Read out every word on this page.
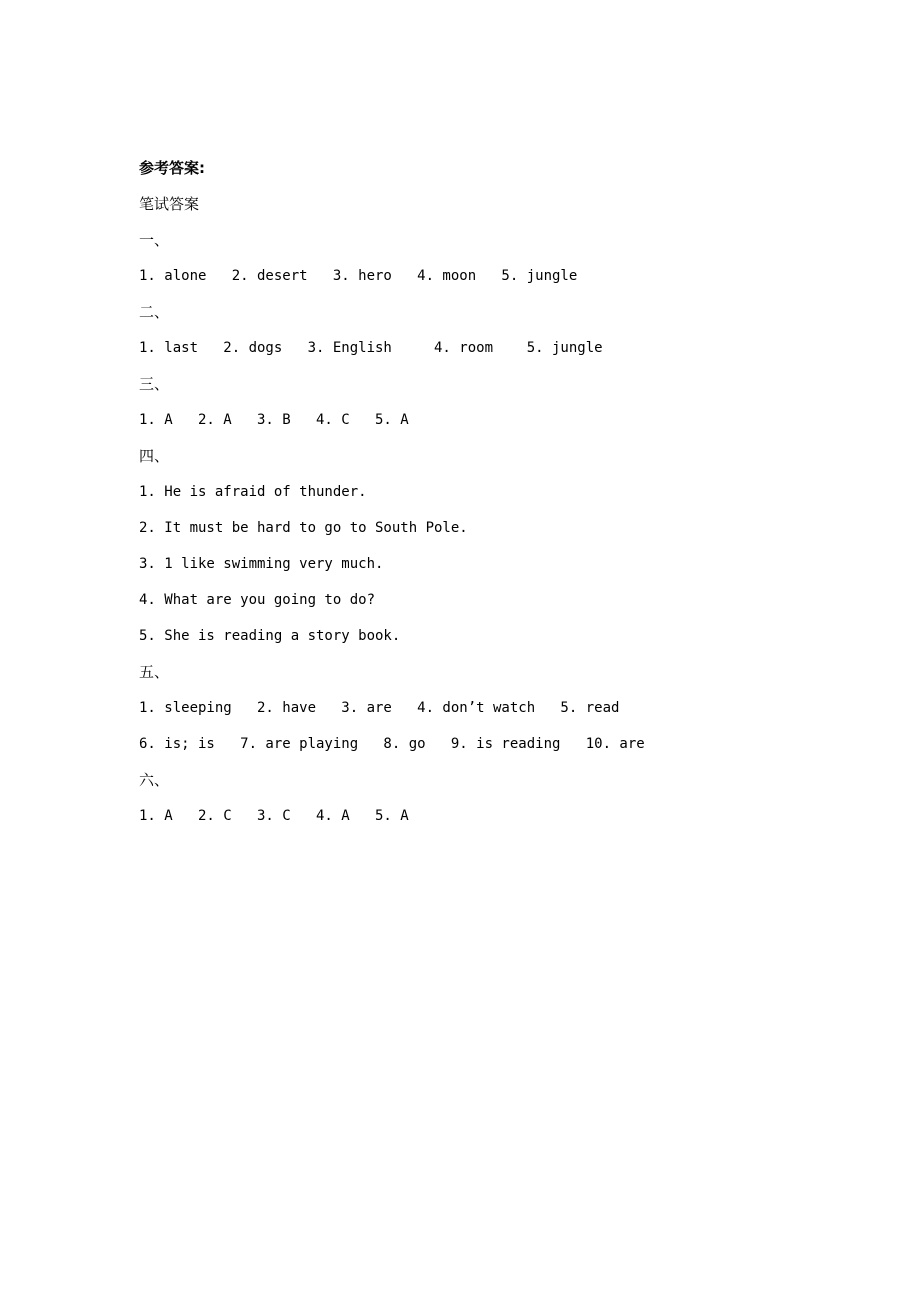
参考答案:
笔试答案
一、
1. alone   2. desert   3. hero   4. moon   5. jungle
二、
1. last   2. dogs   3. English     4. room    5. jungle
三、
1. A   2. A   3. B   4. C   5. A
四、
1. He is afraid of thunder.
2. It must be hard to go to South Pole.
3. 1 like swimming very much.
4. What are you going to do?
5. She is reading a story book.
五、
1. sleeping   2. have   3. are   4. don’t watch   5. read
6. is; is   7. are playing   8. go   9. is reading   10. are
六、
1. A   2. C   3. C   4. A   5. A
